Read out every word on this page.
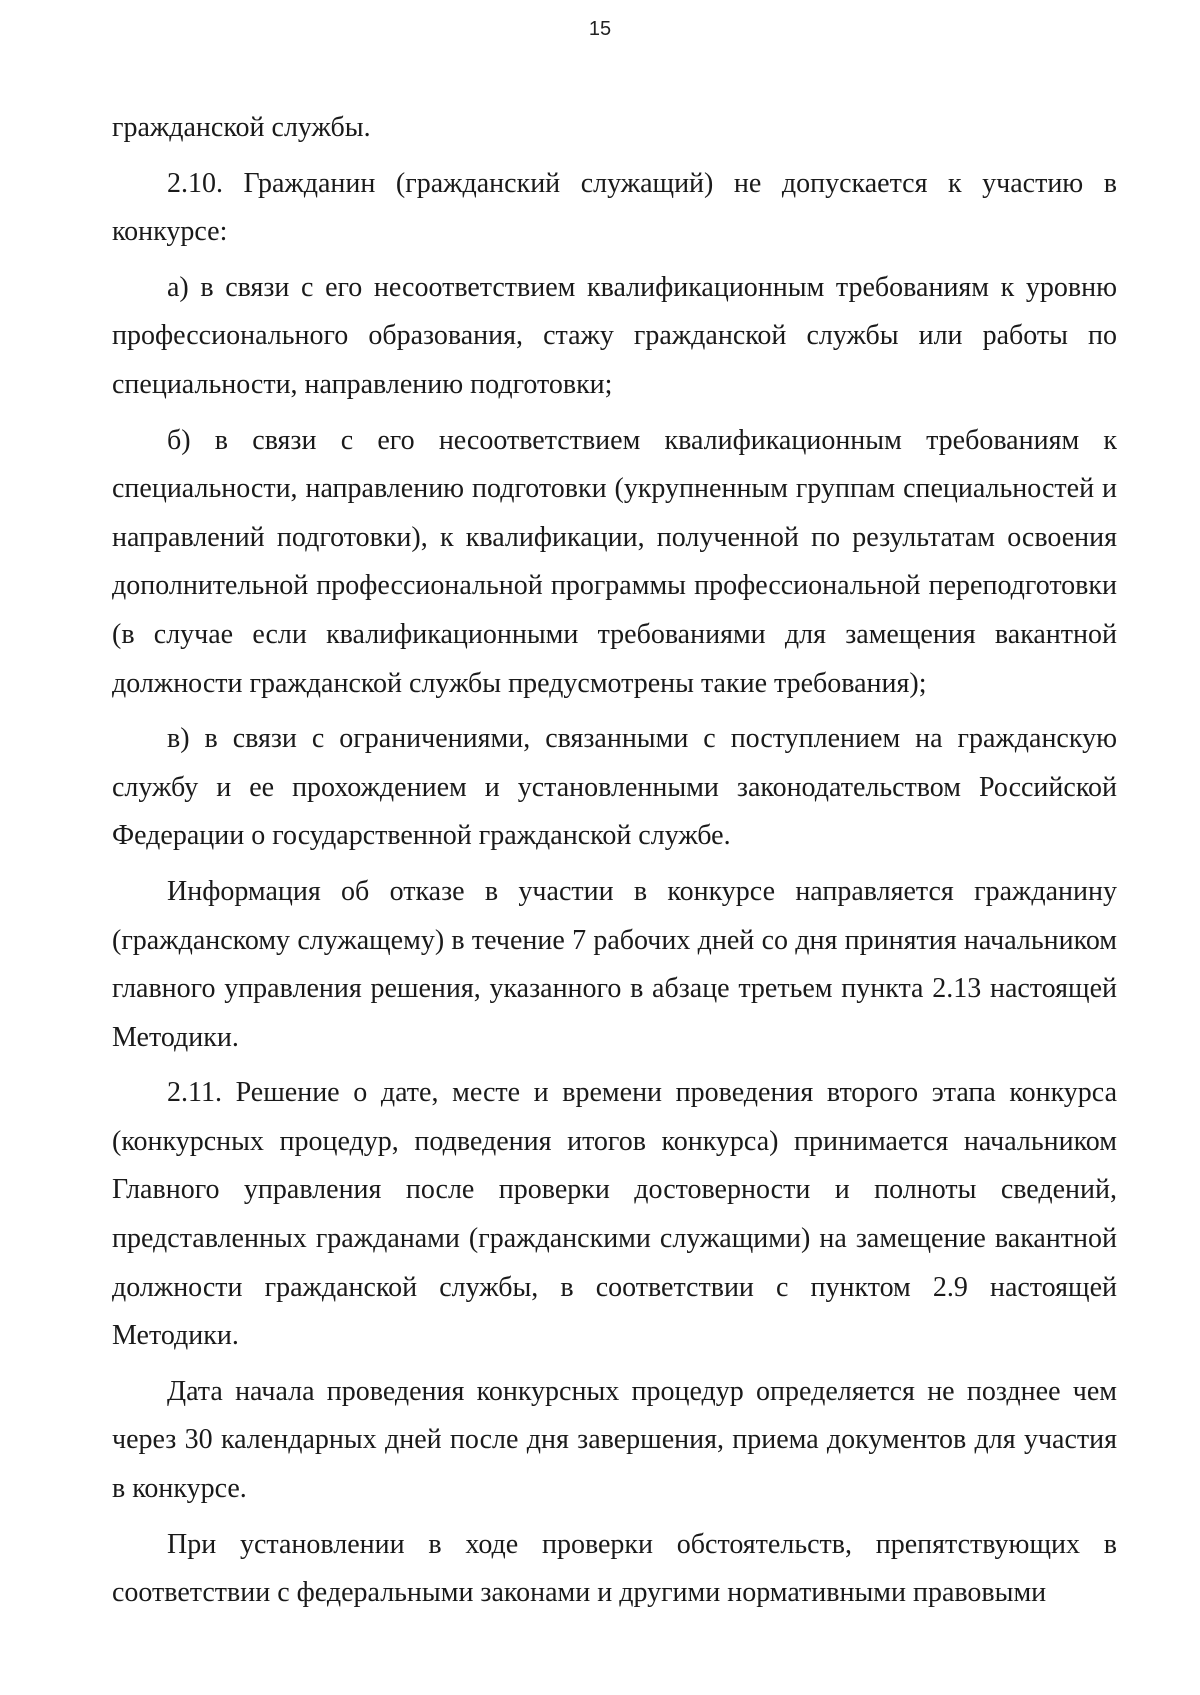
15

гражданской службы.

2.10. Гражданин (гражданский служащий) не допускается к участию в конкурсе:

а) в связи с его несоответствием квалификационным требованиям к уровню профессионального образования, стажу гражданской службы или работы по специальности, направлению подготовки;

б) в связи с его несоответствием квалификационным требованиям к специальности, направлению подготовки (укрупненным группам специальностей и направлений подготовки), к квалификации, полученной по результатам освоения дополнительной профессиональной программы профессиональной переподготовки (в случае если квалификационными требованиями для замещения вакантной должности гражданской службы предусмотрены такие требования);

в) в связи с ограничениями, связанными с поступлением на гражданскую службу и ее прохождением и установленными законодательством Российской Федерации о государственной гражданской службе.

Информация об отказе в участии в конкурсе направляется гражданину (гражданскому служащему) в течение 7 рабочих дней со дня принятия начальником главного управления решения, указанного в абзаце третьем пункта 2.13 настоящей Методики.

2.11. Решение о дате, месте и времени проведения второго этапа конкурса (конкурсных процедур, подведения итогов конкурса) принимается начальником Главного управления после проверки достоверности и полноты сведений, представленных гражданами (гражданскими служащими) на замещение вакантной должности гражданской службы, в соответствии с пунктом 2.9 настоящей Методики.

Дата начала проведения конкурсных процедур определяется не позднее чем через 30 календарных дней после дня завершения, приема документов для участия в конкурсе.

При установлении в ходе проверки обстоятельств, препятствующих в соответствии с федеральными законами и другими нормативными правовыми
